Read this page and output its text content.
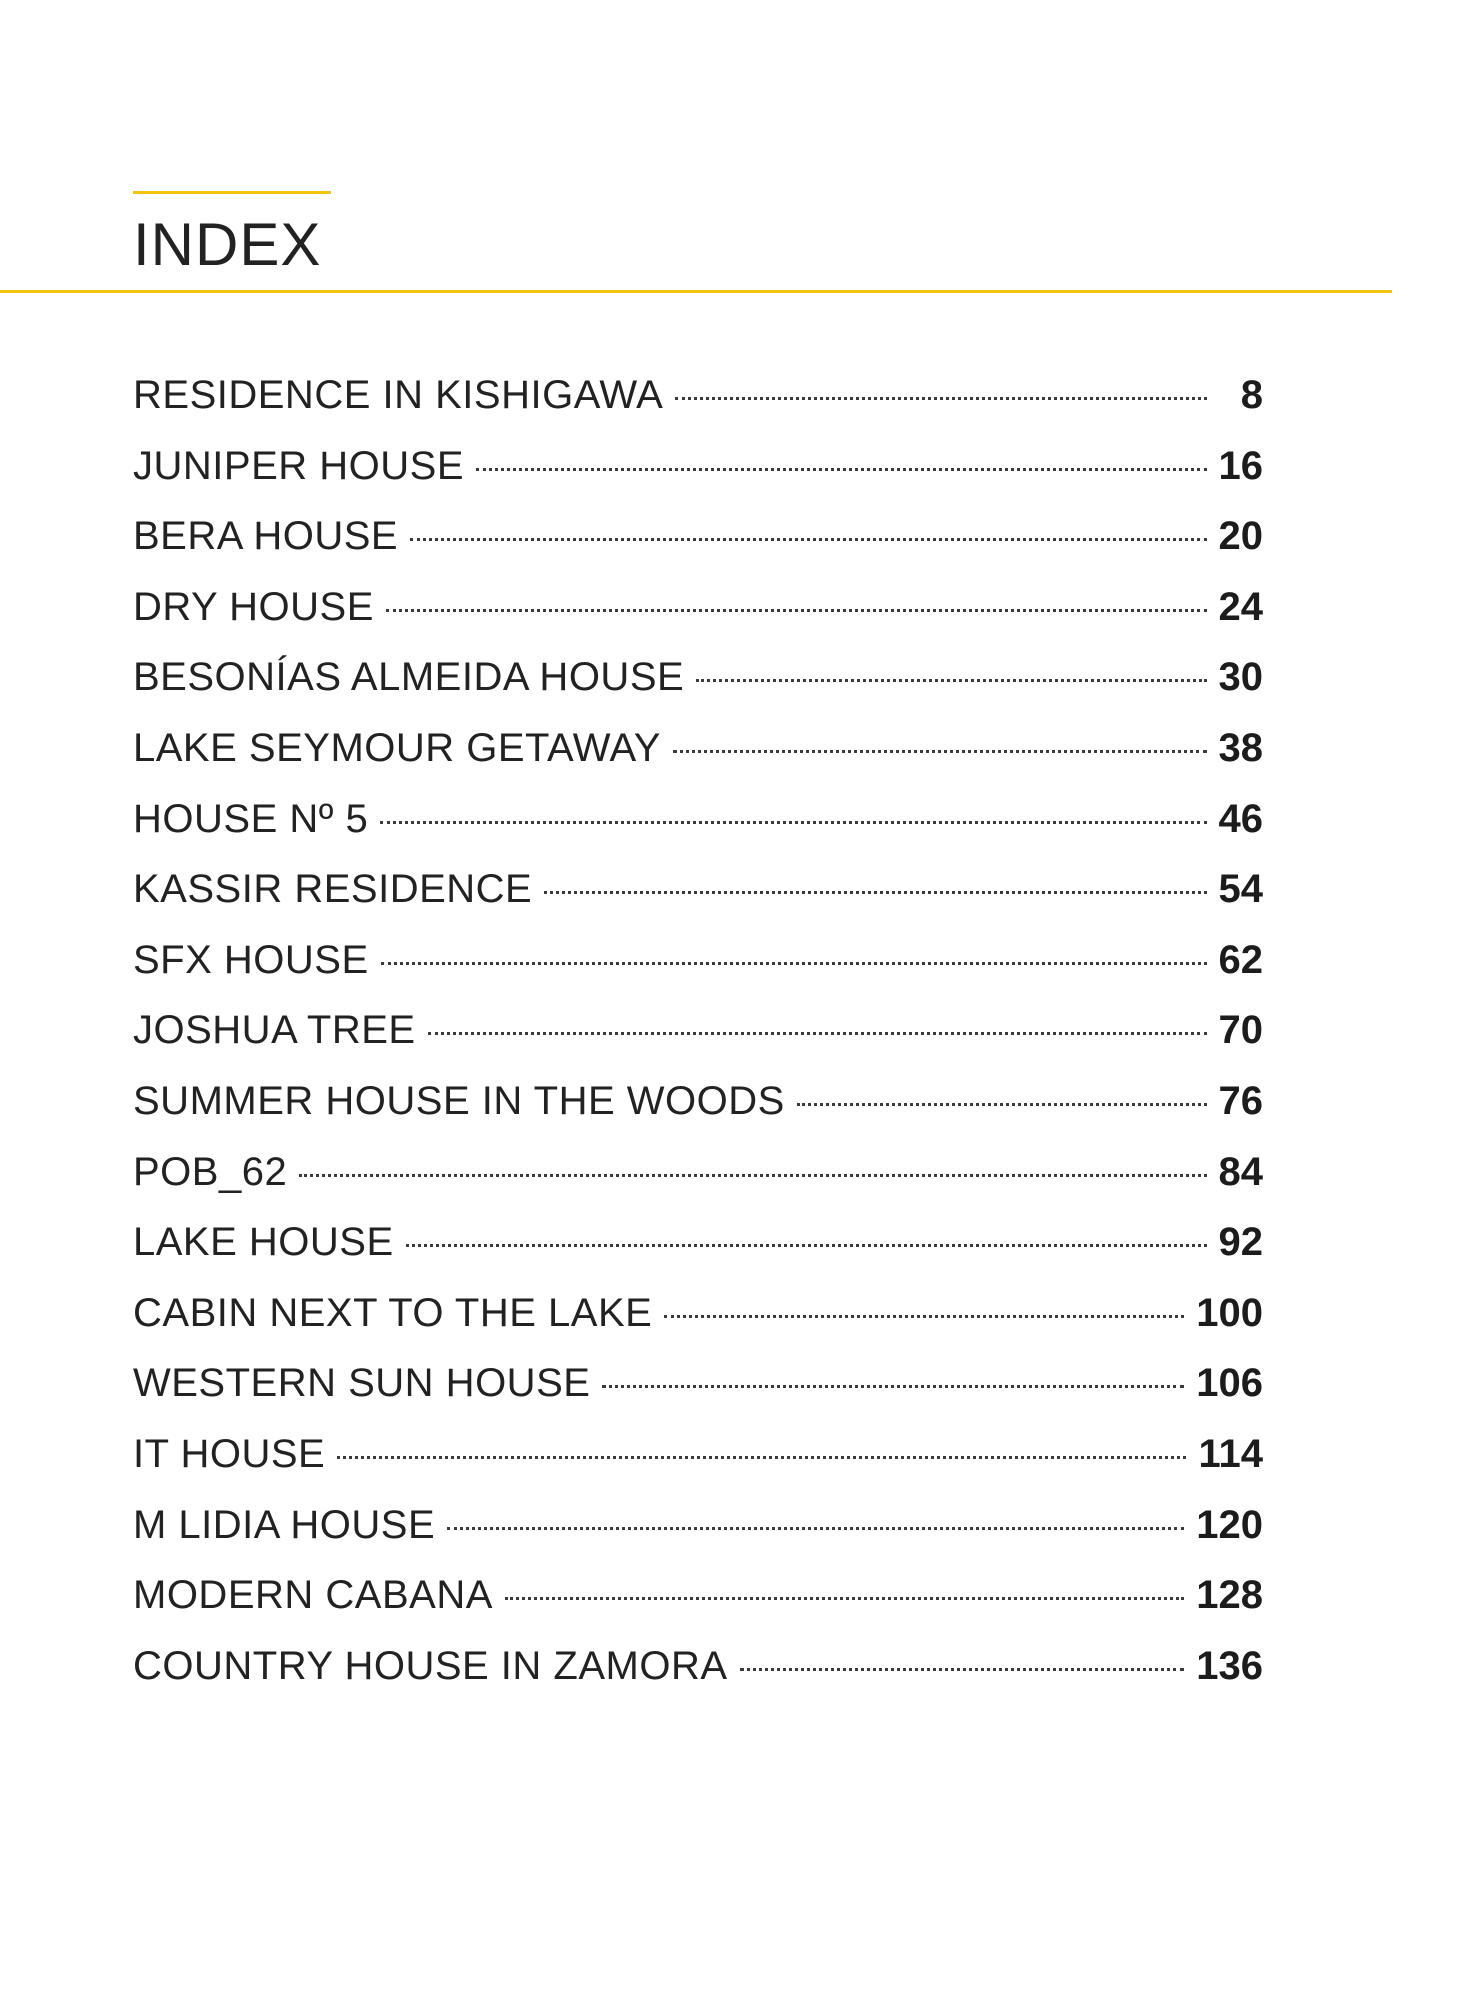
INDEX
RESIDENCE IN KISHIGAWA	8
JUNIPER HOUSE	16
BERA HOUSE	20
DRY HOUSE	24
BESONÍAS ALMEIDA HOUSE	30
LAKE SEYMOUR GETAWAY	38
HOUSE Nº 5	46
KASSIR RESIDENCE	54
SFX HOUSE	62
JOSHUA TREE	70
SUMMER HOUSE IN THE WOODS	76
POB_62	84
LAKE HOUSE	92
CABIN NEXT TO THE LAKE	100
WESTERN SUN HOUSE	106
IT HOUSE	114
M LIDIA HOUSE	120
MODERN CABANA	128
COUNTRY HOUSE IN ZAMORA	136
